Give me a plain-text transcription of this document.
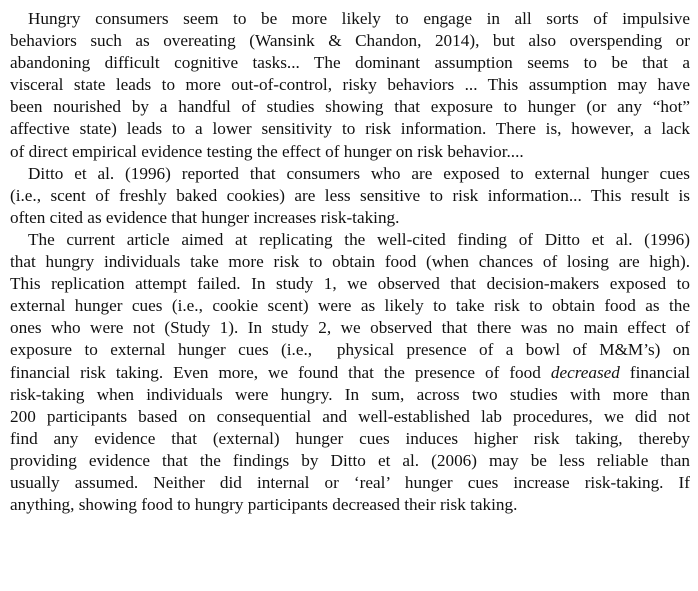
Hungry consumers seem to be more likely to engage in all sorts of impulsive
behaviors such as overeating (Wansink & Chandon, 2014), but also overspending or
abandoning difficult cognitive tasks... The dominant assumption seems to be that a
visceral state leads to more out-of-control, risky behaviors ... This assumption may have
been nourished by a handful of studies showing that exposure to hunger (or any “hot”
affective state) leads to a lower sensitivity to risk information. There is, however, a lack
of direct empirical evidence testing the effect of hunger on risk behavior....
Ditto et al. (1996) reported that consumers who are exposed to external hunger cues
(i.e., scent of freshly baked cookies) are less sensitive to risk information... This result is
often cited as evidence that hunger increases risk-taking.
The current article aimed at replicating the well-cited finding of Ditto et al. (1996)
that hungry individuals take more risk to obtain food (when chances of losing are high).
This replication attempt failed. In study 1, we observed that decision-makers exposed to
external hunger cues (i.e., cookie scent) were as likely to take risk to obtain food as the
ones who were not (Study 1). In study 2, we observed that there was no main effect of
exposure to external hunger cues (i.e.,  physical presence of a bowl of M&M’s) on
financial risk taking. Even more, we found that the presence of food decreased financial
risk-taking when individuals were hungry. In sum, across two studies with more than
200 participants based on consequential and well-established lab procedures, we did not
find any evidence that (external) hunger cues induces higher risk taking, thereby
providing evidence that the findings by Ditto et al. (2006) may be less reliable than
usually assumed. Neither did internal or ‘real’ hunger cues increase risk-taking. If
anything, showing food to hungry participants decreased their risk taking.
